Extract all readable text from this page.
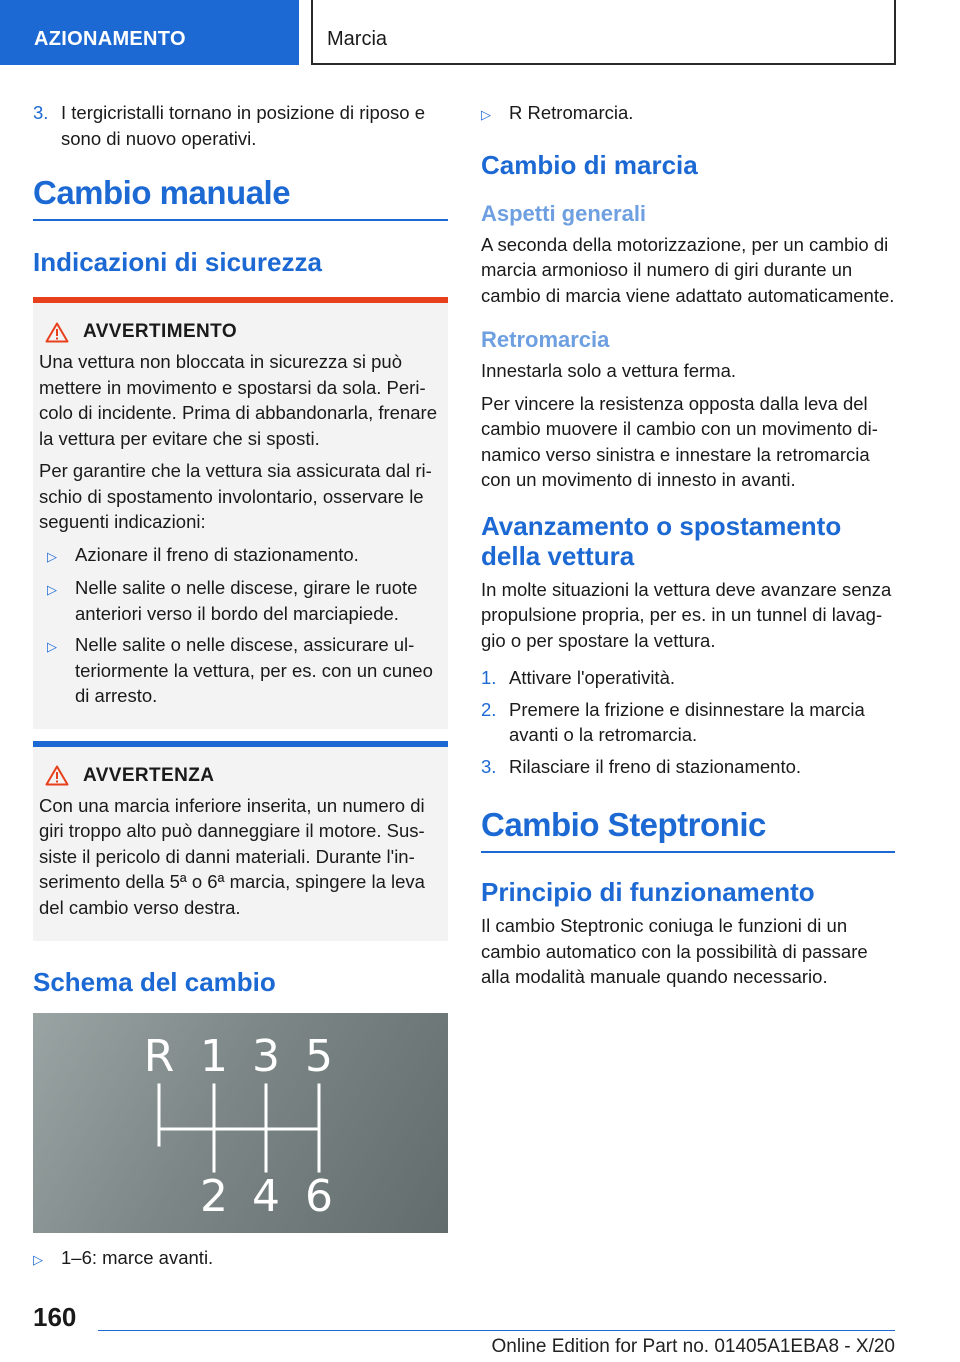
AZIONAMENTO	Marcia
3. I tergicristalli tornano in posizione di riposo e sono di nuovo operativi.
Cambio manuale
Indicazioni di sicurezza
AVVERTIMENTO
Una vettura non bloccata in sicurezza si può mettere in movimento e spostarsi da sola. Pericolo di incidente. Prima di abbandonarla, frenare la vettura per evitare che si sposti.
Per garantire che la vettura sia assicurata dal rischio di spostamento involontario, osservare le seguenti indicazioni:
▷
Azionare il freno di stazionamento.
▷
Nelle salite o nelle discese, girare le ruote anteriori verso il bordo del marciapiede.
▷
Nelle salite o nelle discese, assicurare ulteriormente la vettura, per es. con un cuneo di arresto.
AVVERTENZA
Con una marcia inferiore inserita, un numero di giri troppo alto può danneggiare il motore. Sussiste il pericolo di danni materiali. Durante l'inserimento della 5ª o 6ª marcia, spingere la leva del cambio verso destra.
Schema del cambio
R 1 3 5
2 4 6
▷
1–6: marce avanti.
▷
R Retromarcia.
Cambio di marcia
Aspetti generali
A seconda della motorizzazione, per un cambio di marcia armonioso il numero di giri durante un cambio di marcia viene adattato automaticamente.
Retromarcia
Innestarla solo a vettura ferma.
Per vincere la resistenza opposta dalla leva del cambio muovere il cambio con un movimento dinamico verso sinistra e innestare la retromarcia con un movimento di innesto in avanti.
Avanzamento o spostamento della vettura
In molte situazioni la vettura deve avanzare senza propulsione propria, per es. in un tunnel di lavaggio o per spostare la vettura.
1. Attivare l'operatività.
2. Premere la frizione e disinnestare la marcia avanti o la retromarcia.
3. Rilasciare il freno di stazionamento.
Cambio Steptronic
Principio di funzionamento
Il cambio Steptronic coniuga le funzioni di un cambio automatico con la possibilità di passare alla modalità manuale quando necessario.
160
Online Edition for Part no. 01405A1EBA8 - X/20
